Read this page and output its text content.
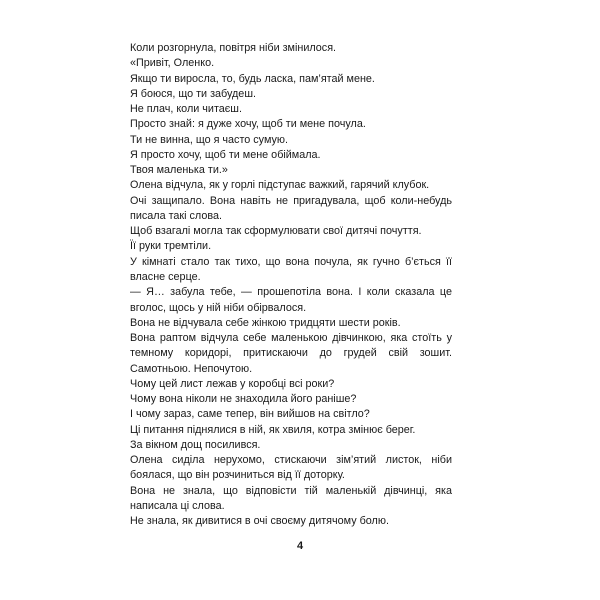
Коли розгорнула, повітря ніби змінилося.
«Привіт, Оленко.
Якщо ти виросла, то, будь ласка, пам’ятай мене.
Я боюся, що ти забудеш.
Не плач, коли читаєш.
Просто знай: я дуже хочу, щоб ти мене почула.
Ти не винна, що я часто сумую.
Я просто хочу, щоб ти мене обіймала.
Твоя маленька ти.»
Олена відчула, як у горлі підступає важкий, гарячий клубок.
Очі защипало. Вона навіть не пригадувала, щоб коли-небудь
писала такі слова.
Щоб взагалі могла так сформулювати свої дитячі почуття.
Її руки тремтіли.
У кімнаті стало так тихо, що вона почула, як гучно б’ється її
власне серце.
— Я… забула тебе, — прошепотіла вона. І коли сказала це
вголос, щось у ній ніби обірвалося.
Вона не відчувала себе жінкою тридцяти шести років.
Вона раптом відчула себе маленькою дівчинкою, яка стоїть у
темному коридорі, притискаючи до грудей свій зошит.
Самотньою. Непочутою.
Чому цей лист лежав у коробці всі роки?
Чому вона ніколи не знаходила його раніше?
І чому зараз, саме тепер, він вийшов на світло?
Ці питання піднялися в ній, як хвиля, котра змінює берег.
За вікном дощ посилився.
Олена сиділа нерухомо, стискаючи зім’ятий листок, ніби
боялася, що він розчиниться від її доторку.
Вона не знала, що відповісти тій маленькій дівчинці, яка
написала ці слова.
Не знала, як дивитися в очі своєму дитячому болю.
4
